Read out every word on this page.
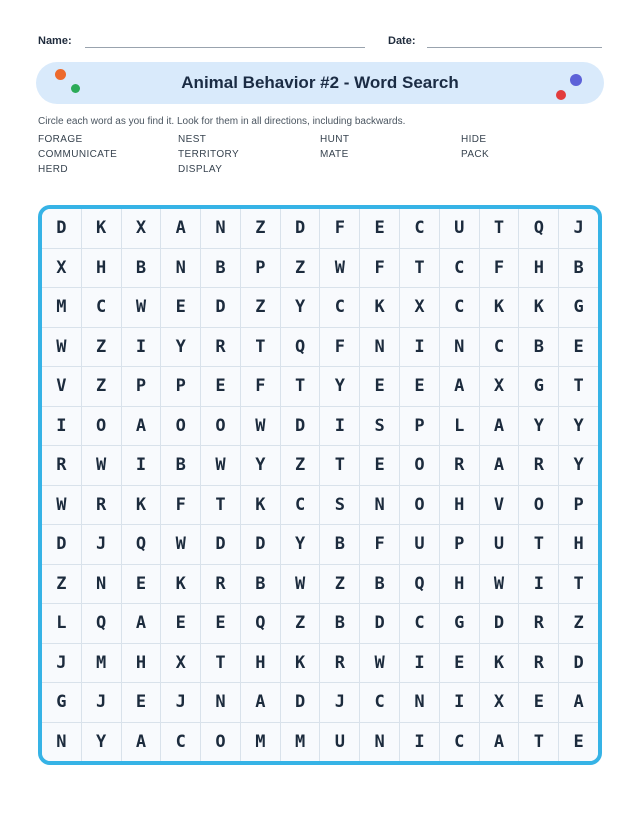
Name:	Date:
Animal Behavior #2 - Word Search
Circle each word as you find it. Look for them in all directions, including backwards.
FORAGE
COMMUNICATE
HERD
NEST
TERRITORY
DISPLAY
HUNT
MATE
HIDE
PACK
D	K	X	A	N	Z	D	F	E	C	U	T	Q	J
X	H	B	N	B	P	Z	W	F	T	C	F	H	B
M	C	W	E	D	Z	Y	C	K	X	C	K	K	G
W	Z	I	Y	R	T	Q	F	N	I	N	C	B	E
V	Z	P	P	E	F	T	Y	E	E	A	X	G	T
I	O	A	O	O	W	D	I	S	P	L	A	Y	Y
R	W	I	B	W	Y	Z	T	E	O	R	A	R	Y
W	R	K	F	T	K	C	S	N	O	H	V	O	P
D	J	Q	W	D	D	Y	B	F	U	P	U	T	H
Z	N	E	K	R	B	W	Z	B	Q	H	W	I	T
L	Q	A	E	E	Q	Z	B	D	C	G	D	R	Z
J	M	H	X	T	H	K	R	W	I	E	K	R	D
G	J	E	J	N	A	D	J	C	N	I	X	E	A
N	Y	A	C	O	M	M	U	N	I	C	A	T	E
